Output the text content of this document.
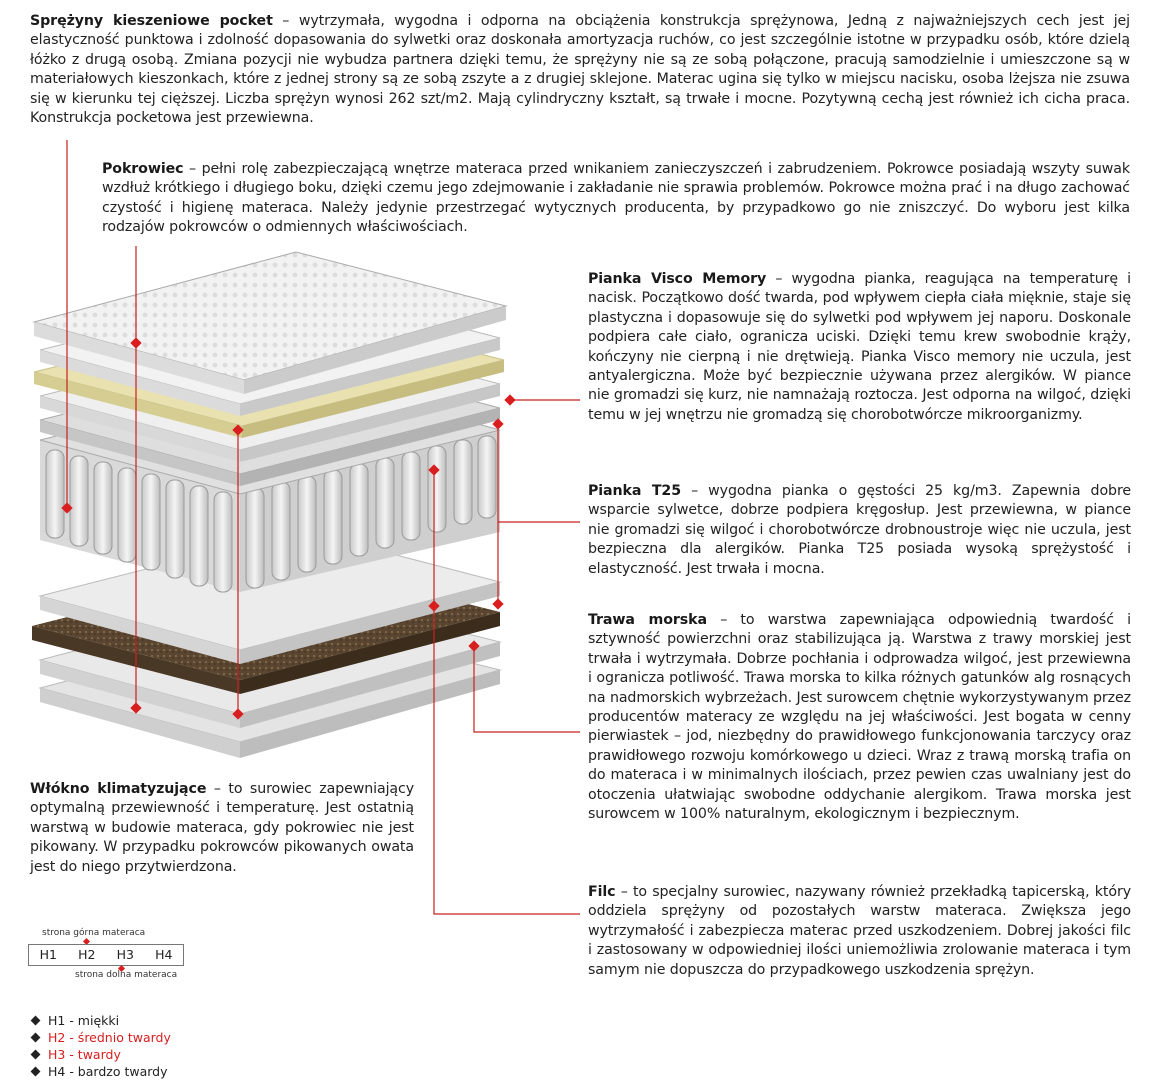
Sprężyny kieszeniowe pocket – wytrzymała, wygodna i odporna na obciążenia konstrukcja sprężynowa, Jedną z najważniejszych cech jest jej elastyczność punktowa i zdolność dopasowania do sylwetki oraz doskonała amortyzacja ruchów, co jest szczególnie istotne w przypadku osób, które dzielą łóżko z drugą osobą. Zmiana pozycji nie wybudza partnera dzięki temu, że sprężyny nie są ze sobą połączone, pracują samodzielnie i umieszczone są w materiałowych kieszonkach, które z jednej strony są ze sobą zszyte a z drugiej sklejone. Materac ugina się tylko w miejscu nacisku, osoba lżejsza nie zsuwa się w kierunku tej cięższej. Liczba sprężyn wynosi 262 szt/m2. Mają cylindryczny kształt, są trwałe i mocne. Pozytywną cechą jest również ich cicha praca. Konstrukcja pocketowa jest przewiewna.
Pokrowiec – pełni rolę zabezpieczającą wnętrze materaca przed wnikaniem zanieczyszczeń i zabrudzeniem. Pokrowce posiadają wszyty suwak wzdłuż krótkiego i długiego boku, dzięki czemu jego zdejmowanie i zakładanie nie sprawia problemów. Pokrowce można prać i na długo zachować czystość i higienę materaca. Należy jedynie przestrzegać wytycznych producenta, by przypadkowo go nie zniszczyć. Do wyboru jest kilka rodzajów pokrowców o odmiennych właściwościach.
Pianka Visco Memory – wygodna pianka, reagująca na temperaturę i nacisk. Początkowo dość twarda, pod wpływem ciepła ciała mięknie, staje się plastyczna i dopasowuje się do sylwetki pod wpływem jej naporu. Doskonale podpiera całe ciało, ogranicza uciski. Dzięki temu krew swobodnie krąży, kończyny nie cierpną i nie drętwieją. Pianka Visco memory nie uczula, jest antyalergiczna. Może być bezpiecznie używana przez alergików. W piance nie gromadzi się kurz, nie namnażają roztocza. Jest odporna na wilgoć, dzięki temu w jej wnętrzu nie gromadzą się chorobotwórcze mikroorganizmy.
Pianka T25 – wygodna pianka o gęstości 25 kg/m3. Zapewnia dobre wsparcie sylwetce, dobrze podpiera kręgosłup. Jest przewiewna, w piance nie gromadzi się wilgoć i chorobotwórcze drobnoustroje więc nie uczula, jest bezpieczna dla alergików. Pianka T25 posiada wysoką sprężystość i elastyczność. Jest trwała i mocna.
Trawa morska – to warstwa zapewniająca odpowiednią twardość i sztywność powierzchni oraz stabilizująca ją. Warstwa z trawy morskiej jest trwała i wytrzymała. Dobrze pochłania i odprowadza wilgoć, jest przewiewna i ogranicza potliwość. Trawa morska to kilka różnych gatunków alg rosnących na nadmorskich wybrzeżach. Jest surowcem chętnie wykorzystywanym przez producentów materacy ze względu na jej właściwości. Jest bogata w cenny pierwiastek – jod, niezbędny do prawidłowego funkcjonowania tarczycy oraz prawidłowego rozwoju komórkowego u dzieci. Wraz z trawą morską trafia on do materaca i w minimalnych ilościach, przez pewien czas uwalniany jest do otoczenia ułatwiając swobodne oddychanie alergikom. Trawa morska jest surowcem w 100% naturalnym, ekologicznym i bezpiecznym.
Filc – to specjalny surowiec, nazywany również przekładką tapicerską, który oddziela sprężyny od pozostałych warstw materaca. Zwiększa jego wytrzymałość i zabezpiecza materac przed uszkodzeniem. Dobrej jakości filc i zastosowany w odpowiedniej ilości uniemożliwia zrolowanie materaca i tym samym nie dopuszcza do przypadkowego uszkodzenia sprężyn.
Włókno klimatyzujące – to surowiec zapewniający optymalną przewiewność i temperaturę. Jest ostatnią warstwą w budowie materaca, gdy pokrowiec nie jest pikowany. W przypadku pokrowców pikowanych owata jest do niego przytwierdzona.
strona górna materaca
H1	H2	H3	H4
strona dolna materaca
H1 - miękki
H2 - średnio twardy
H3 - twardy
H4 - bardzo twardy
